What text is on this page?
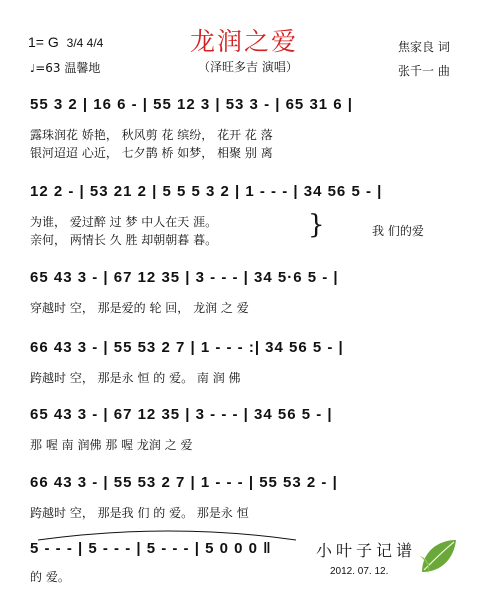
1= G 3/4 4/4
♩=63 温馨地
龙润之爱
（泽旺多吉 演唱）
焦家良 词
张千一 曲
55 3 2 | 16 6 - | 55 12 3 | 53 3 - | 65 31 6 |
露珠润花 娇艳， 秋风剪 花 缤纷， 花开 花 落
银河迢迢 心近， 七夕鹊 桥 如梦， 相聚 别 离
12 2 - | 53 21 2 | 5 5 5 3 2 | 1 - - - | 34 56 5 - |
为谁， 爱过醉 过 梦 中人在天 涯。
亲何， 两情长 久 胜 却朝朝暮 暮。	}	我 们的爱
65 43 3 - | 67 12 35 | 3 - - - | 34 5·6 5 - |
穿越时 空， 那是爱的 轮 回， 龙润 之 爱
66 43 3 - | 55 53 2 7 | 1 - - - :| 34 56 5 - |
跨越时 空， 那是永 恒 的 爱。 南 润 佛
65 43 3 - | 67 12 35 | 3 - - - | 34 56 5 - |
那 喔 南 润佛 那 喔 龙润 之 爱
66 43 3 - | 55 53 2 7 | 1 - - - | 55 53 2 - |
跨越时 空， 那是我 们 的 爱。 那是永 恒
5 - - - | 5 - - - | 5 - - - | 5 0 0 0 ‖
的 爱。
小叶子记谱
2012. 07. 12.
